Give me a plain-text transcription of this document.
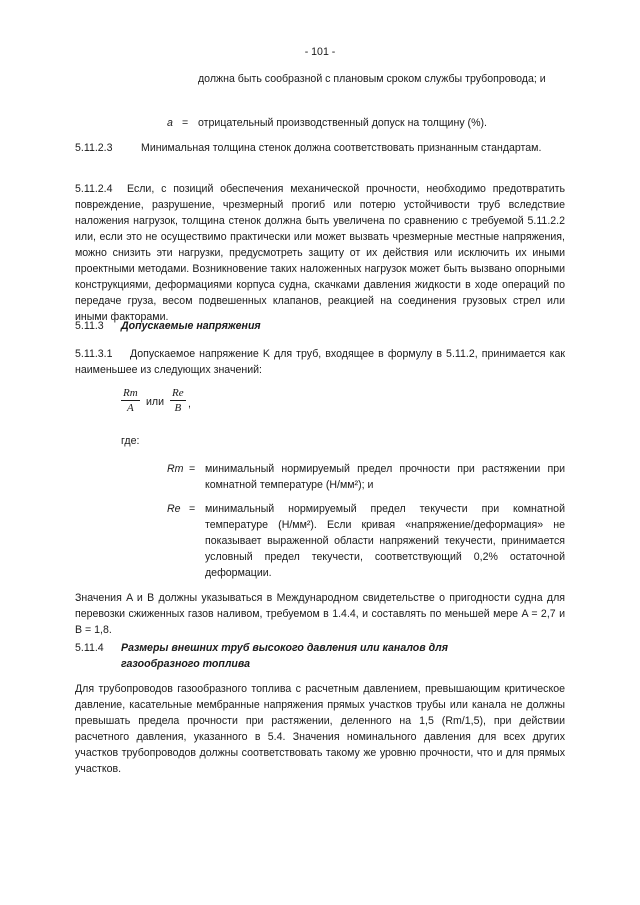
- 101 -
должна быть сообразной с плановым сроком службы трубопровода; и
a = отрицательный производственный допуск на толщину (%).
5.11.2.3	Минимальная толщина стенок должна соответствовать признанным стандартам.
5.11.2.4	Если, с позиций обеспечения механической прочности, необходимо предотвратить повреждение, разрушение, чрезмерный прогиб или потерю устойчивости труб вследствие наложения нагрузок, толщина стенок должна быть увеличена по сравнению с требуемой 5.11.2.2 или, если это не осуществимо практически или может вызвать чрезмерные местные напряжения, можно снизить эти нагрузки, предусмотреть защиту от их действия или исключить их иными проектными методами. Возникновение таких наложенных нагрузок может быть вызвано опорными конструкциями, деформациями корпуса судна, скачками давления жидкости в ходе операций по передаче груза, весом подвешенных клапанов, реакцией на соединения грузовых стрел или иными факторами.
5.11.3 Допускаемые напряжения
5.11.3.1	Допускаемое напряжение K для труб, входящее в формулу в 5.11.2, принимается как наименьшее из следующих значений:
$\frac{Rm}{A}$ или $\frac{Re}{B}$ ,
где:
Rm = минимальный нормируемый предел прочности при растяжении при комнатной температуре (Н/мм²); и
Re = минимальный нормируемый предел текучести при комнатной температуре (Н/мм²). Если кривая «напряжение/деформация» не показывает выраженной области напряжений текучести, принимается условный предел текучести, соответствующий 0,2% остаточной деформации.
Значения A и B должны указываться в Международном свидетельстве о пригодности судна для перевозки сжиженных газов наливом, требуемом в 1.4.4, и составлять по меньшей мере A = 2,7 и B = 1,8.
5.11.4 Размеры внешних труб высокого давления или каналов для
газообразного топлива
Для трубопроводов газообразного топлива с расчетным давлением, превышающим критическое давление, касательные мембранные напряжения прямых участков трубы или канала не должны превышать предела прочности при растяжении, деленного на 1,5 (Rm/1,5), при действии расчетного давления, указанного в 5.4. Значения номинального давления для всех других участков трубопроводов должны соответствовать такому же уровню прочности, что и для прямых участков.
